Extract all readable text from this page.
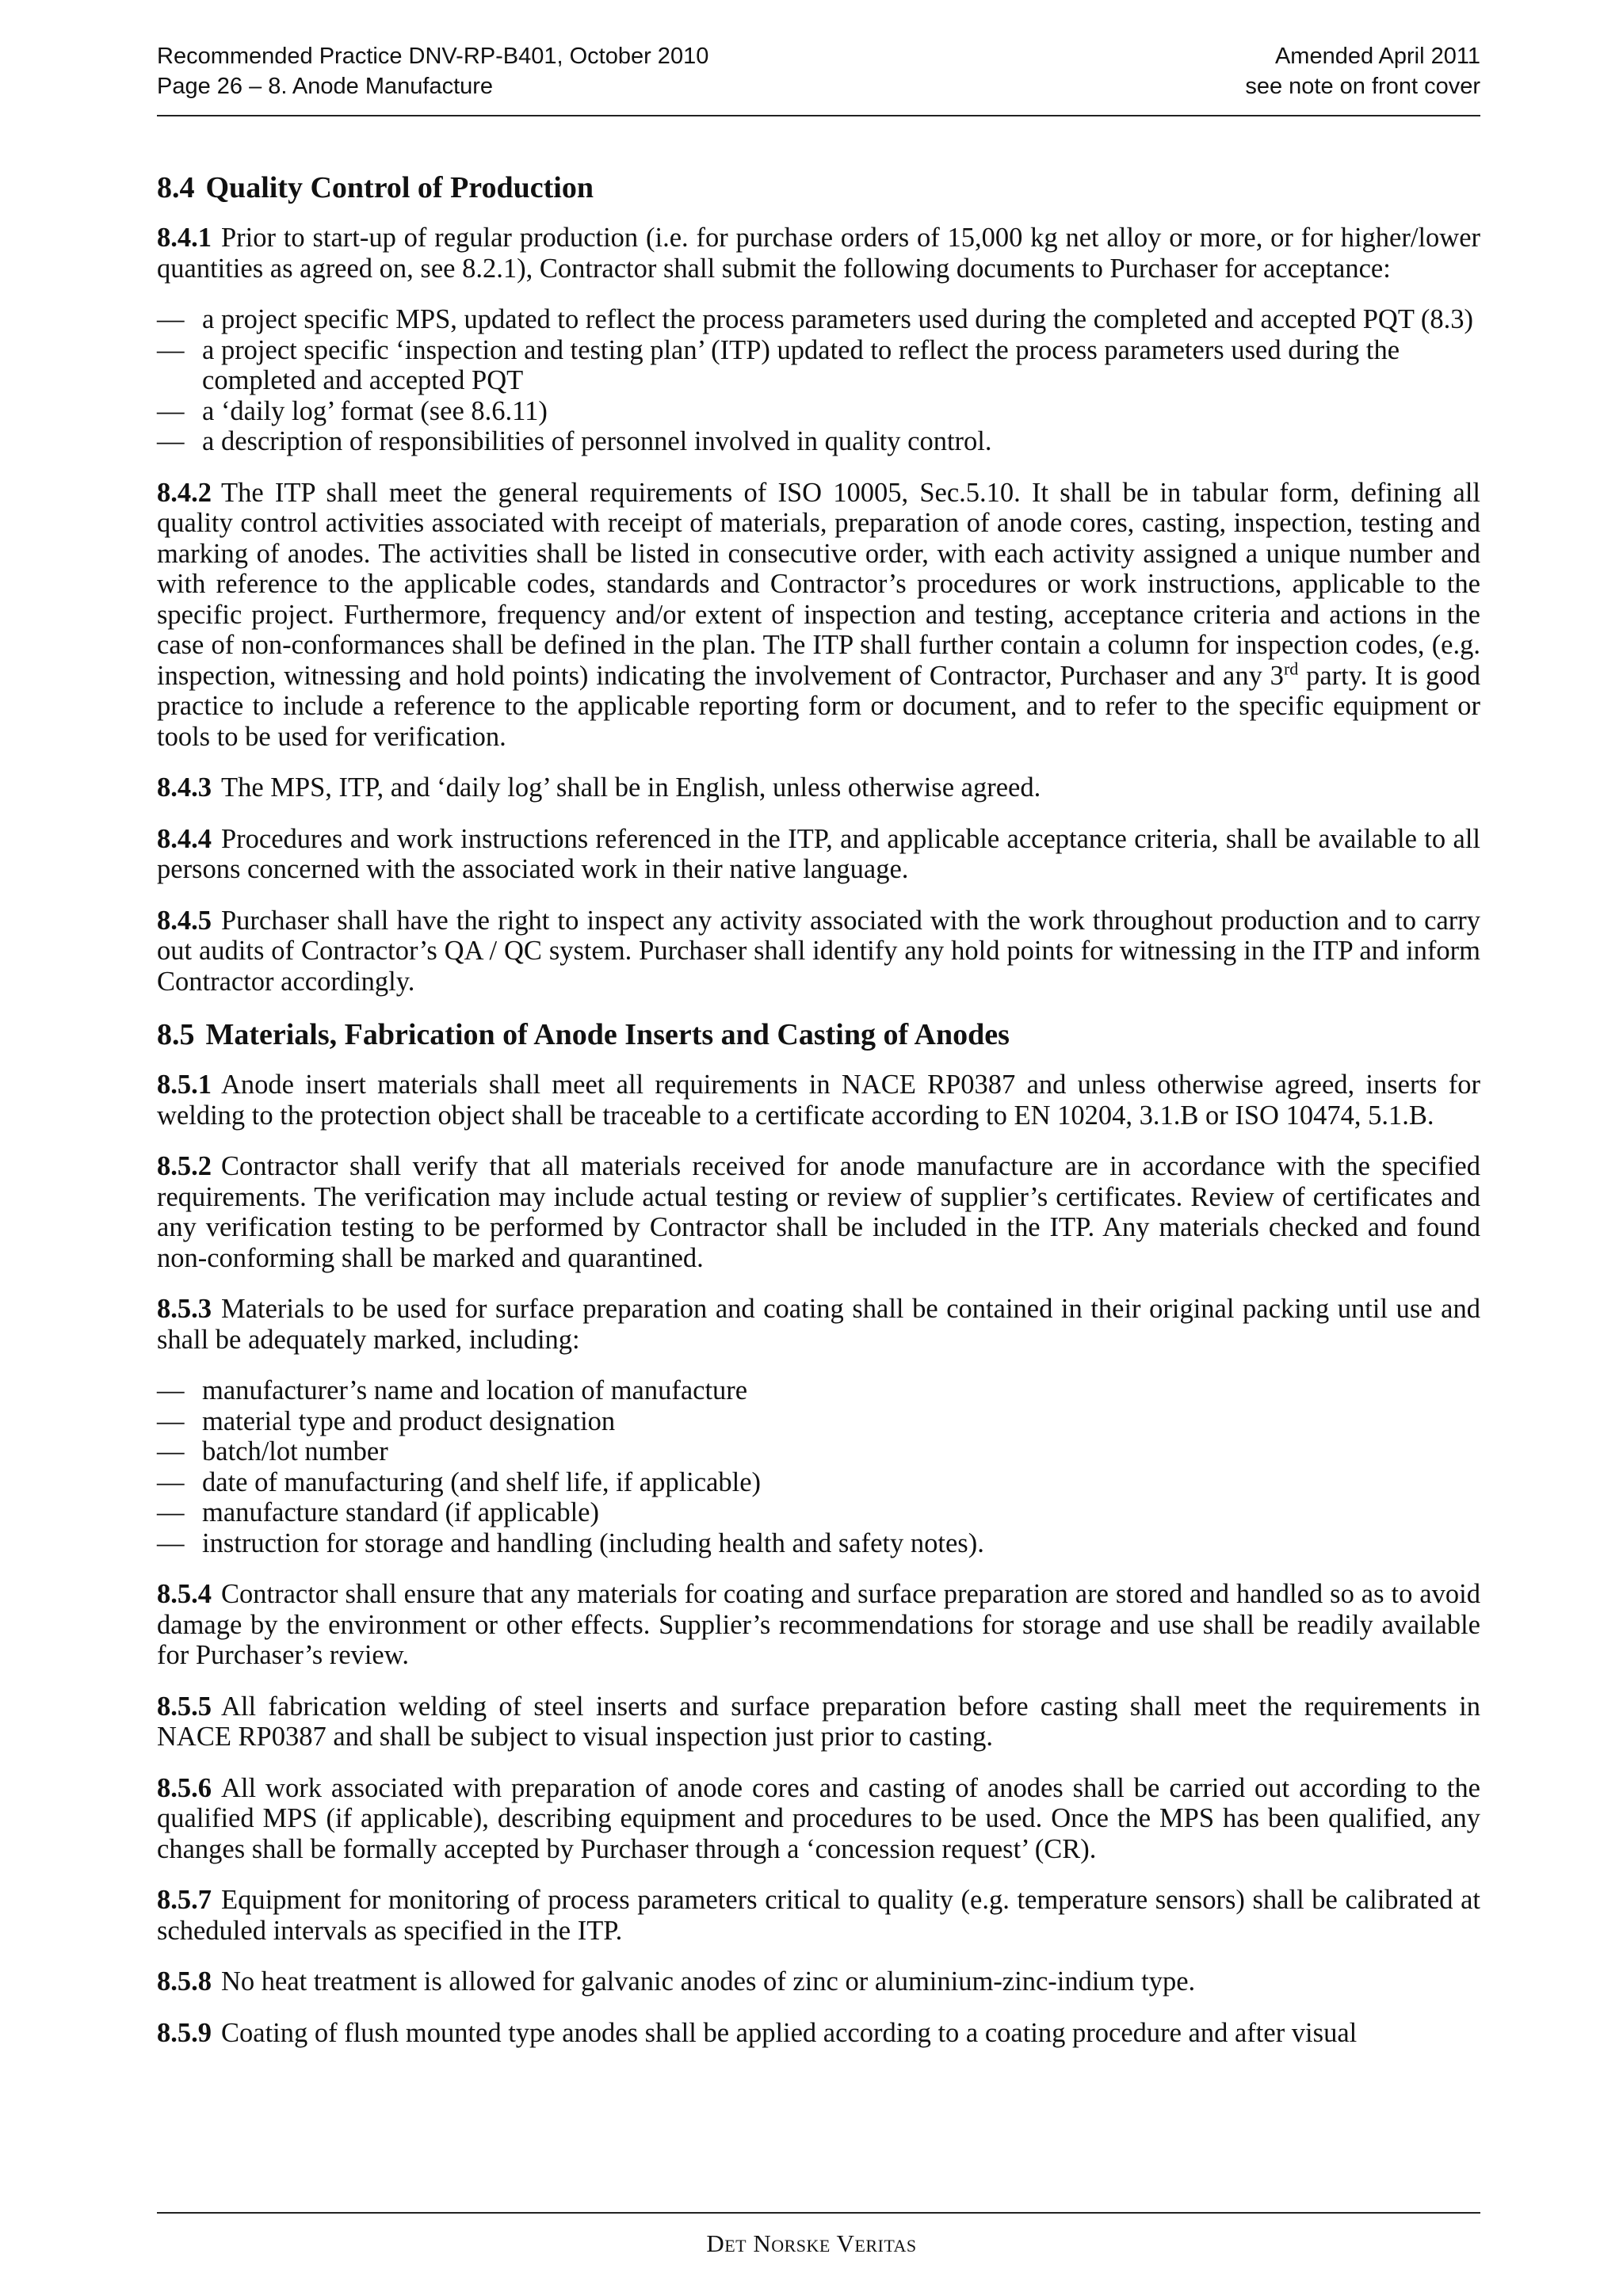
Recommended Practice DNV-RP-B401, October 2010
Page 26 – 8. Anode Manufacture
Amended April 2011
see note on front cover
8.4 Quality Control of Production

8.4.1 Prior to start-up of regular production (i.e. for purchase orders of 15,000 kg net alloy or more, or for higher/lower quantities as agreed on, see 8.2.1), Contractor shall submit the following documents to Purchaser for acceptance:

— a project specific MPS, updated to reflect the process parameters used during the completed and accepted PQT (8.3)
— a project specific ‘inspection and testing plan’ (ITP) updated to reflect the process parameters used during the completed and accepted PQT
— a ‘daily log’ format (see 8.6.11)
— a description of responsibilities of personnel involved in quality control.

8.4.2 The ITP shall meet the general requirements of ISO 10005, Sec.5.10. It shall be in tabular form, defining all quality control activities associated with receipt of materials, preparation of anode cores, casting, inspection, testing and marking of anodes. The activities shall be listed in consecutive order, with each activity assigned a unique number and with reference to the applicable codes, standards and Contractor’s procedures or work instructions, applicable to the specific project. Furthermore, frequency and/or extent of inspection and testing, acceptance criteria and actions in the case of non-conformances shall be defined in the plan. The ITP shall further contain a column for inspection codes, (e.g. inspection, witnessing and hold points) indicating the involvement of Contractor, Purchaser and any 3rd party. It is good practice to include a reference to the applicable reporting form or document, and to refer to the specific equipment or tools to be used for verification.

8.4.3 The MPS, ITP, and ‘daily log’ shall be in English, unless otherwise agreed.

8.4.4 Procedures and work instructions referenced in the ITP, and applicable acceptance criteria, shall be available to all persons concerned with the associated work in their native language.

8.4.5 Purchaser shall have the right to inspect any activity associated with the work throughout production and to carry out audits of Contractor’s QA / QC system. Purchaser shall identify any hold points for witnessing in the ITP and inform Contractor accordingly.

8.5 Materials, Fabrication of Anode Inserts and Casting of Anodes

8.5.1 Anode insert materials shall meet all requirements in NACE RP0387 and unless otherwise agreed, inserts for welding to the protection object shall be traceable to a certificate according to EN 10204, 3.1.B or ISO 10474, 5.1.B.

8.5.2 Contractor shall verify that all materials received for anode manufacture are in accordance with the specified requirements. The verification may include actual testing or review of supplier’s certificates. Review of certificates and any verification testing to be performed by Contractor shall be included in the ITP. Any materials checked and found non-conforming shall be marked and quarantined.

8.5.3 Materials to be used for surface preparation and coating shall be contained in their original packing until use and shall be adequately marked, including:

— manufacturer’s name and location of manufacture
— material type and product designation
— batch/lot number
— date of manufacturing (and shelf life, if applicable)
— manufacture standard (if applicable)
— instruction for storage and handling (including health and safety notes).

8.5.4 Contractor shall ensure that any materials for coating and surface preparation are stored and handled so as to avoid damage by the environment or other effects. Supplier’s recommendations for storage and use shall be readily available for Purchaser’s review.

8.5.5 All fabrication welding of steel inserts and surface preparation before casting shall meet the requirements in NACE RP0387 and shall be subject to visual inspection just prior to casting.

8.5.6 All work associated with preparation of anode cores and casting of anodes shall be carried out according to the qualified MPS (if applicable), describing equipment and procedures to be used. Once the MPS has been qualified, any changes shall be formally accepted by Purchaser through a ‘concession request’ (CR).

8.5.7 Equipment for monitoring of process parameters critical to quality (e.g. temperature sensors) shall be calibrated at scheduled intervals as specified in the ITP.

8.5.8 No heat treatment is allowed for galvanic anodes of zinc or aluminium-zinc-indium type.

8.5.9 Coating of flush mounted type anodes shall be applied according to a coating procedure and after visual

Det Norske Veritas
